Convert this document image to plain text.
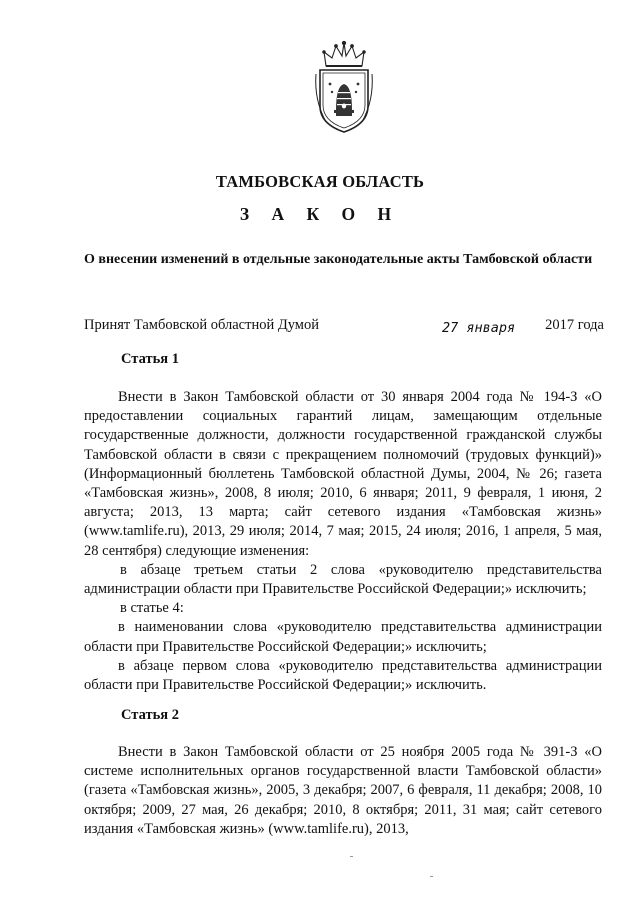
ТАМБОВСКАЯ ОБЛАСТЬ
З А К О Н
О внесении изменений в отдельные законодательные акты Тамбовской области
Принят Тамбовской областной Думой	27 января 2017 года
Статья 1

Внести в Закон Тамбовской области от 30 января 2004 года № 194-З «О предоставлении социальных гарантий лицам, замещающим отдельные государственные должности, должности государственной гражданской службы Тамбовской области в связи с прекращением полномочий (трудовых функций)» (Информационный бюллетень Тамбовской областной Думы, 2004, № 26; газета «Тамбовская жизнь», 2008, 8 июля; 2010, 6 января; 2011, 9 февраля, 1 июня, 2 августа; 2013, 13 марта; сайт сетевого издания «Тамбовская жизнь» (www.tamlife.ru), 2013, 29 июля; 2014, 7 мая; 2015, 24 июля; 2016, 1 апреля, 5 мая, 28 сентября) следующие изменения:

в абзаце третьем статьи 2 слова «руководителю представительства администрации области при Правительстве Российской Федерации;» исключить;

в статье 4:

в наименовании слова «руководителю представительства администрации области при Правительстве Российской Федерации;» исключить;

в абзаце первом слова «руководителю представительства администрации области при Правительстве Российской Федерации;» исключить.

Статья 2

Внести в Закон Тамбовской области от 25 ноября 2005 года № 391-З «О системе исполнительных органов государственной власти Тамбовской области» (газета «Тамбовская жизнь», 2005, 3 декабря; 2007, 6 февраля, 11 декабря; 2008, 10 октября; 2009, 27 мая, 26 декабря; 2010, 8 октября; 2011, 31 мая; сайт сетевого издания «Тамбовская жизнь» (www.tamlife.ru), 2013,
